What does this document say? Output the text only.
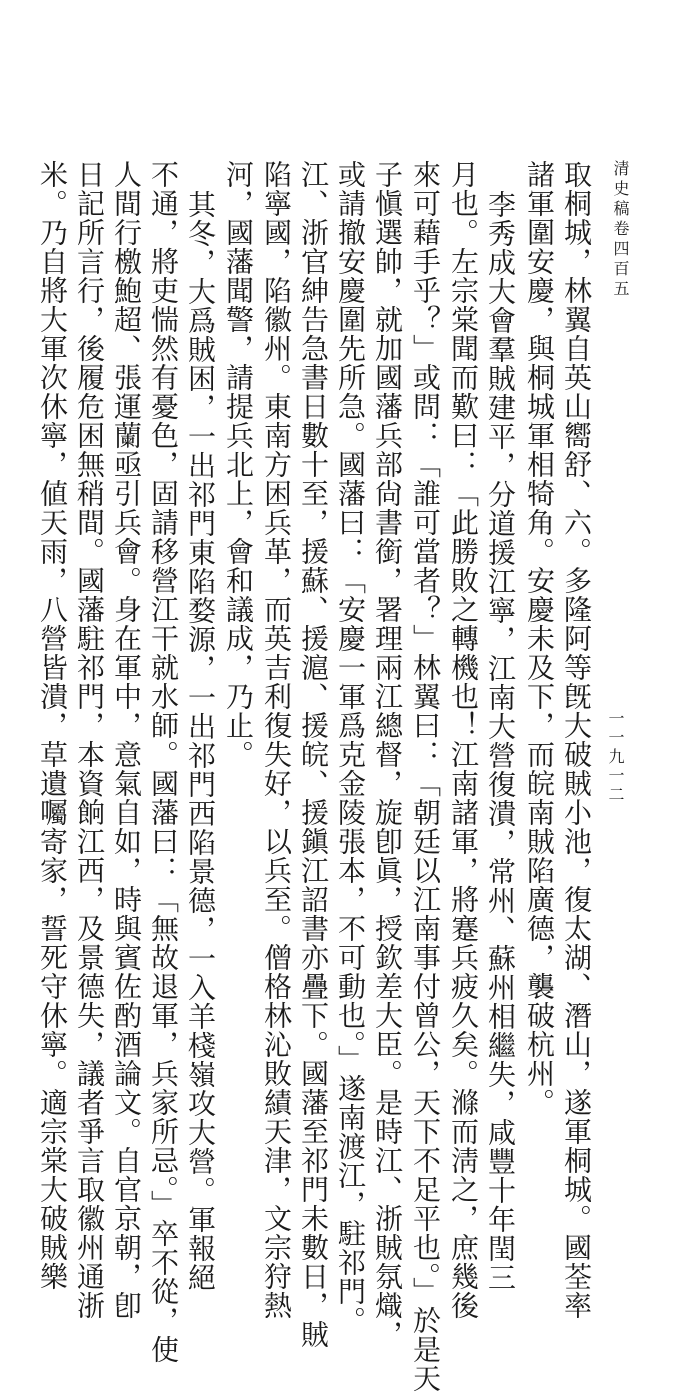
清史稿卷四百五
一一九一二
取桐城，林翼自英山嚮舒、六。多隆阿等旣大破賊小池，復太湖、潛山，遂軍桐城。國荃率
諸軍圍安慶，與桐城軍相犄角。安慶未及下，而皖南賊陷廣德，襲破杭州。
李秀成大會羣賊建平，分道援江寧，江南大營復潰，常州、蘇州相繼失，咸豐十年閏三
月也。左宗棠聞而歎曰：「此勝敗之轉機也！江南諸軍，將蹇兵疲久矣。滌而淸之，庶幾後
來可藉手乎？」或問：「誰可當者？」林翼曰：「朝廷以江南事付曾公，天下不足平也。」於是天
子愼選帥，就加國藩兵部尙書銜，署理兩江總督，旋卽眞，授欽差大臣。是時江、浙賊氛熾，
或請撤安慶圍先所急。國藩曰：「安慶一軍爲克金陵張本，不可動也。」遂南渡江，駐祁門。
江、浙官紳告急書日數十至，援蘇、援滬、援皖、援鎭江詔書亦疊下。國藩至祁門未數日，賊
陷寧國，陷徽州。東南方困兵革，而英吉利復失好，以兵至。僧格林沁敗績天津，文宗狩熱
河，國藩聞警，請提兵北上，會和議成，乃止。
其冬，大爲賊困，一出祁門東陷婺源，一出祁門西陷景德，一入羊棧嶺攻大營。軍報絕
不通，將吏惴然有憂色，固請移營江干就水師。國藩曰：「無故退軍，兵家所忌。」卒不從，使
人間行檄鮑超、張運蘭亟引兵會。身在軍中，意氣自如，時與賓佐酌酒論文。自官京朝，卽
日記所言行，後履危困無稍間。國藩駐祁門，本資餉江西，及景德失，議者爭言取徽州通浙
米。乃自將大軍次休寧，値天雨，八營皆潰，草遺囑寄家，誓死守休寧。適宗棠大破賊樂
